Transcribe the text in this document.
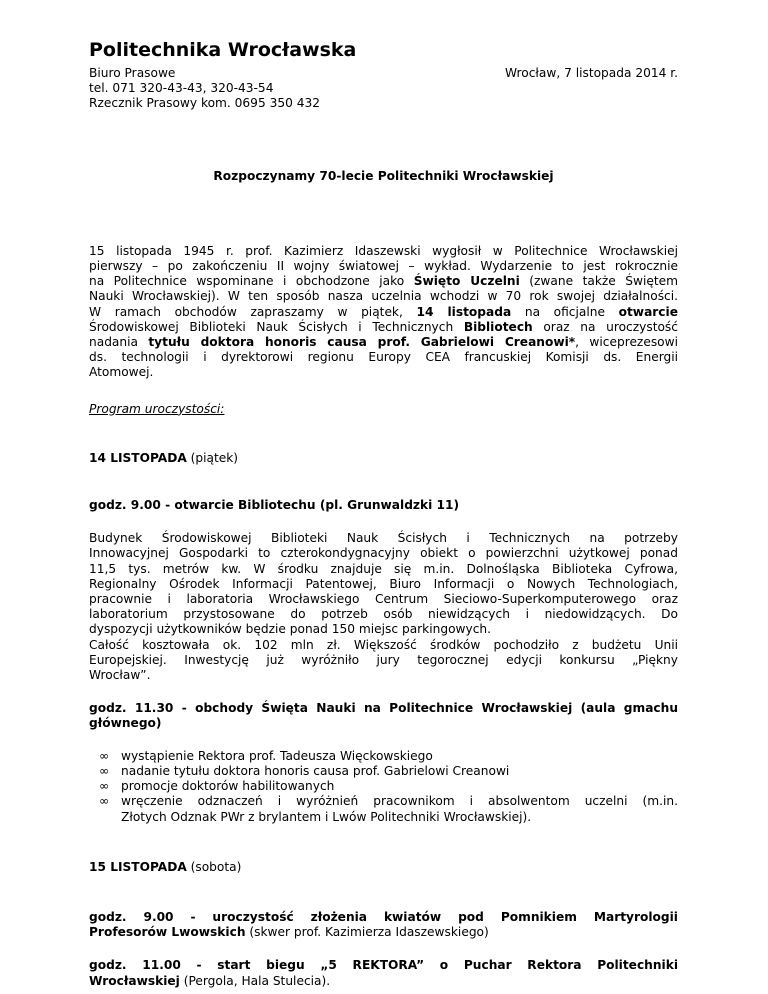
Politechnika Wrocławska
Biuro Prasowe
tel. 071 320-43-43, 320-43-54
Rzecznik Prasowy kom. 0695 350 432
Wrocław, 7 listopada 2014 r.
Rozpoczynamy 70-lecie Politechniki Wrocławskiej
15 listopada 1945 r. prof. Kazimierz Idaszewski wygłosił w Politechnice Wrocławskiej
pierwszy – po zakończeniu II wojny światowej – wykład. Wydarzenie to jest rokrocznie
na Politechnice wspominane i obchodzone jako Święto Uczelni (zwane także Świętem
Nauki Wrocławskiej). W ten sposób nasza uczelnia wchodzi w 70 rok swojej działalności.
W ramach obchodów zapraszamy w piątek, 14 listopada na oficjalne otwarcie
Środowiskowej Biblioteki Nauk Ścisłych i Technicznych Bibliotech oraz na uroczystość
nadania tytułu doktora honoris causa prof. Gabrielowi Creanowi*, wiceprezesowi
ds. technologii i dyrektorowi regionu Europy CEA francuskiej Komisji ds. Energii
Atomowej.
Program uroczystości:
14 LISTOPADA (piątek)
godz. 9.00 - otwarcie Bibliotechu (pl. Grunwaldzki 11)
Budynek Środowiskowej Biblioteki Nauk Ścisłych i Technicznych na potrzeby
Innowacyjnej Gospodarki to czterokondygnacyjny obiekt o powierzchni użytkowej ponad
11,5 tys. metrów kw. W środku znajduje się m.in. Dolnośląska Biblioteka Cyfrowa,
Regionalny Ośrodek Informacji Patentowej, Biuro Informacji o Nowych Technologiach,
pracownie i laboratoria Wrocławskiego Centrum Sieciowo-Superkomputerowego oraz
laboratorium przystosowane do potrzeb osób niewidzących i niedowidzących. Do
dyspozycji użytkowników będzie ponad 150 miejsc parkingowych.
Całość kosztowała ok. 102 mln zł. Większość środków pochodziło z budżetu Unii
Europejskiej. Inwestycję już wyróżniło jury tegorocznej edycji konkursu „Piękny
Wrocław”.
godz. 11.30 - obchody Święta Nauki na Politechnice Wrocławskiej (aula gmachu
głównego)
∞ wystąpienie Rektora prof. Tadeusza Więckowskiego
∞ nadanie tytułu doktora honoris causa prof. Gabrielowi Creanowi
∞ promocje doktorów habilitowanych
∞ wręczenie odznaczeń i wyróżnień pracownikom i absolwentom uczelni (m.in.
Złotych Odznak PWr z brylantem i Lwów Politechniki Wrocławskiej).
15 LISTOPADA (sobota)
godz. 9.00 - uroczystość złożenia kwiatów pod Pomnikiem Martyrologii
Profesorów Lwowskich (skwer prof. Kazimierza Idaszewskiego)
godz. 11.00 - start biegu „5 REKTORA” o Puchar Rektora Politechniki
Wrocławskiej (Pergola, Hala Stulecia).
